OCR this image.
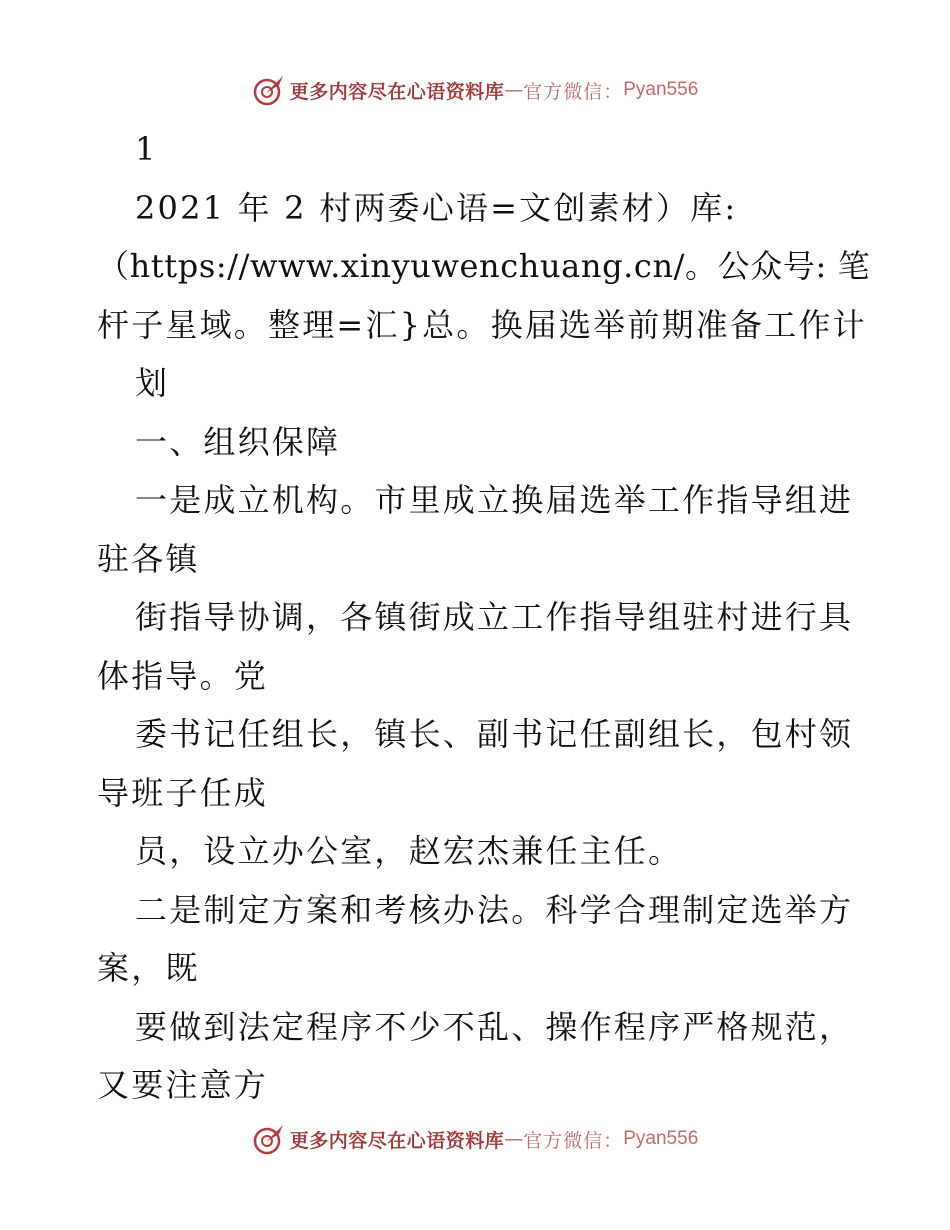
更多内容尽在心语资料库 — 官方微信： Pyan556
1
2021 年 2 村两委心语=文创素材）库:
（https://www.xinyuwenchuang.cn/。公众号: 笔
杆子星域。整理=汇}总。换届选举前期准备工作计
划
一、组织保障
一是成立机构。市里成立换届选举工作指导组进
驻各镇
街指导协调，各镇街成立工作指导组驻村进行具
体指导。党
委书记任组长，镇长、副书记任副组长，包村领
导班子任成
员，设立办公室，赵宏杰兼任主任。
二是制定方案和考核办法。科学合理制定选举方
案，既
要做到法定程序不少不乱、操作程序严格规范，
又要注意方
更多内容尽在心语资料库 — 官方微信： Pyan556
